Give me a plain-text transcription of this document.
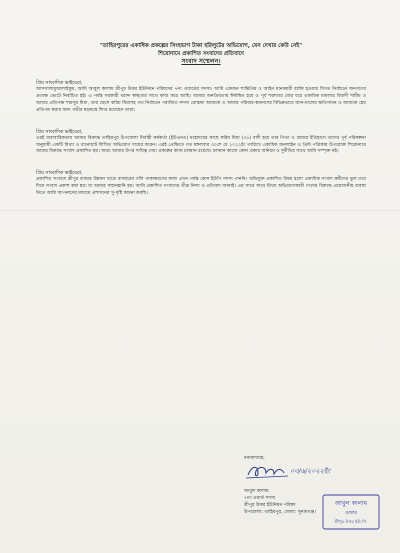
"তাহিরপুরের একাধিক প্রকল্পের সিংহভাগ টাকা হরিলুটের অভিযোগ, যেন দেখার কেউ নেই"
শিরোনামে প্রকাশিত সংবাদের প্রতিবাদে
সংবাদ সম্মেলন।
প্রিয় সাংবাদিক ভাইয়েরা,

আসসালামুআলাইকুম, আমি আবুল কালাম শ্রীপুর উত্তর ইউনিয়ন পরিষদের ৭নং ওয়ার্ডের সদস্য। আমি একজন শান্তিপ্রিয় ও আইন মান্যকারী ব্যক্তি হওয়ায় বিগত নির্বাচনে জনগণের প্রত্যক্ষ ভোটে নির্বাচিত হই। এ পর্যন্ত সরকারী বরাদ্দ স্বচ্ছতার সাথে কাজ করে আছি। আমার জনপ্রিয়তায় ঈর্ষান্বিত হয়ে ও পূর্ব শত্রুতার জের ধরে একাধিক মামলার বিবাদী শামীম ও আমার প্রতিপক্ষ শামসুর মিয়া, তার ছেলে করিম মিয়াসহ গত নির্বাচনে পরাজিত সদস্য মোস্তফা আমাকে ও আমার পরিবার-স্বজনদের বিভিন্নভাবে জান-মালের ক্ষতিসাধন ও আমাকে হেয় প্রতিপন্ন করার জন্য গভীর ষড়যন্ত্রে লিপ্ত রয়েছেন তারা।

প্রিয় সাংবাদিক ভাইয়েরা,

এরই ধারাবাহিকতায় আমার বিরুদ্ধে তাহিরপুর উপজেলা নির্বাহী কর্মকর্তা (ইউএনও) মহোদয়ের কাছে করিম মিয়া (৩৫) বাদী হয়ে তার পিতা ও গ্রামের ইতিহাসে তাদের পূর্ব পরিকল্পনা অনুযায়ী একটি মিথ্যা ও বানোয়াট লিখিত অভিযোগ দায়ের করেন। এরই প্রেক্ষিতে গত মঙ্গলবার ৩০শে মে ২০২২ইং তারিখে একাধিক অনলাইন ও প্রিন্ট পত্রিকায় উপরোক্ত শিরোনামে আমার বিরুদ্ধে সংবাদ প্রকাশিত হয়। অথচ আমার উপর দায়িত্ব দেয়া প্রকল্পের কাজ চলমান রয়েছে। চলমান কাজে কোন প্রকার অনিয়ম ও দুর্নীতির সাথে আমি সম্পৃক্ত নই।

প্রিয় সাংবাদিক ভাইয়েরা,

প্রকাশিত সংবাদে শ্রীপুর বাজার উন্নয়ন খাতে বাজারের গলি পাকাকরণের কাজ এখন পর্যন্ত কোন ইউপি সদস্য পাননি। অভিযুক্ত প্রকাশিত বিষয় হলো একাধিক সংবাদ কর্মীদের ভুল তথ্য দিয়ে সংবাদ প্রকাশ করা হয়। যা আমার সম্মানহানি হয়। আমি প্রকাশিত সংবাদের তীব্র নিন্দা ও প্রতিবাদ জানাই। এর সাথে সাথে মিথ্যা অভিযোগকারী গংদের বিরুদ্ধে প্রয়োজনীয় ব্যবস্থা নিতে আমি আপনাদের মাধ্যমে প্রশাসনের সু-দৃষ্টি কামনা করছি।

ধন্যবাদান্তে,
আবুল কালাম
৭নং ওয়ার্ড সদস্য
শ্রীপুর উত্তর ইউনিয়ন পরিষদ
উপজেলা: তাহিরপুর, জেলা: সুনামগঞ্জ।
০৩/৬/২০২২ইং
আবুল কালাম
মেম্বার
শ্রীপুর উত্তর ইউ.পি.
